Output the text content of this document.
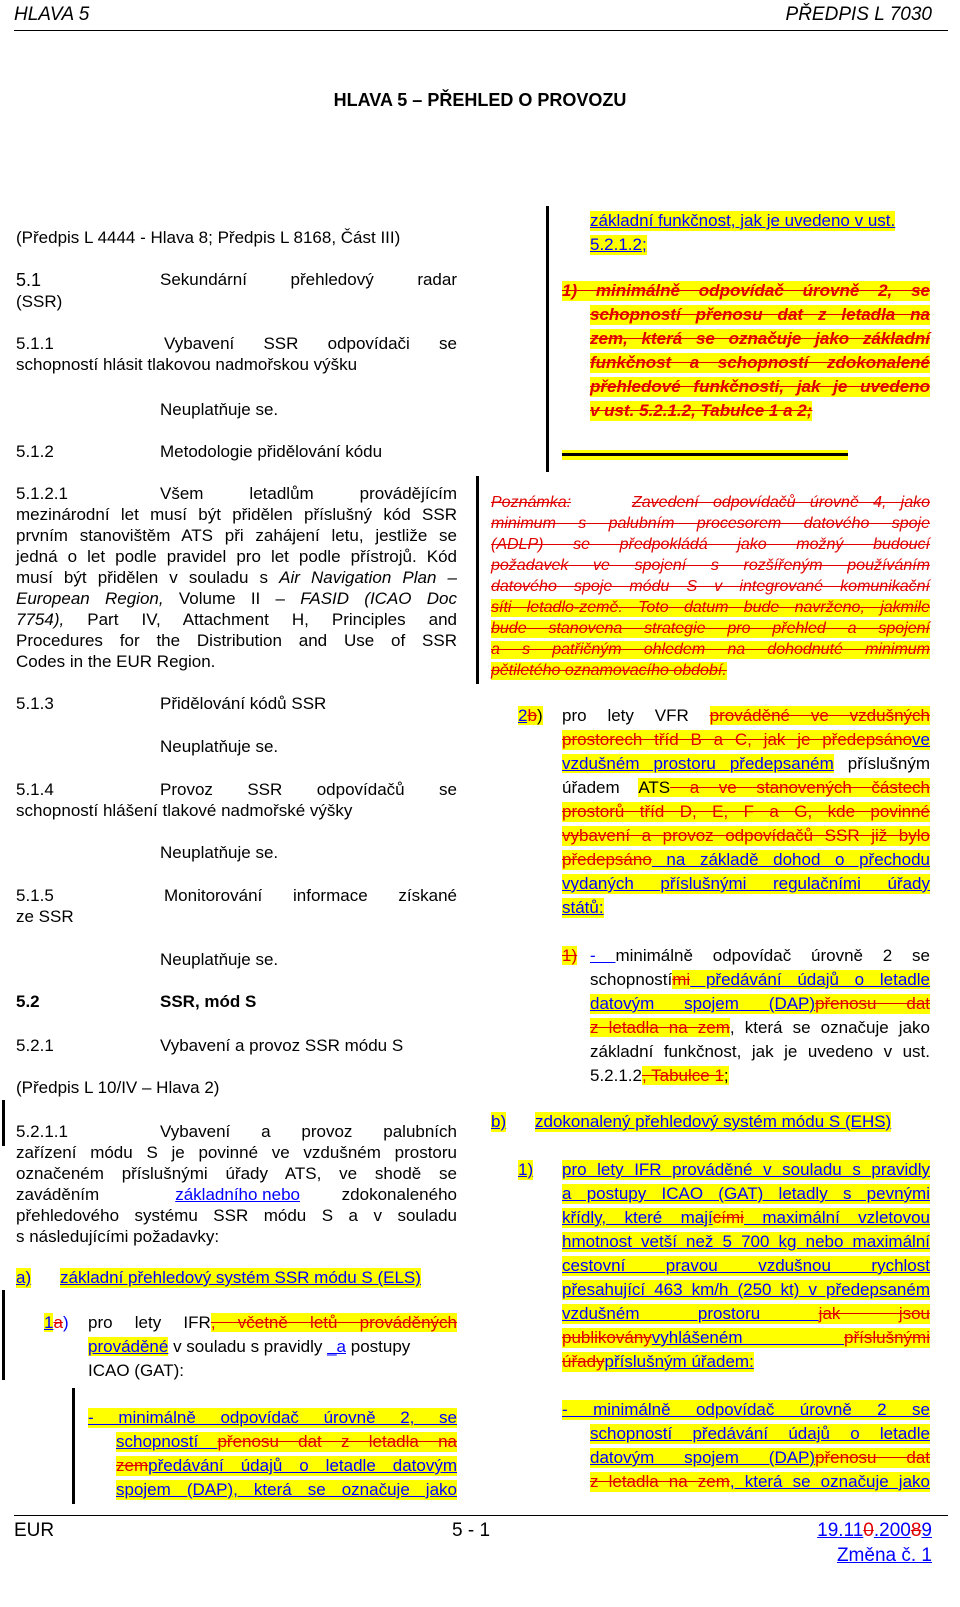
HLAVA 5	PŘEDPIS L 7030
HLAVA 5 – PŘEHLED O PROVOZU
(Předpis L 4444 - Hlava 8; Předpis L 8168, Část III)
5.1	Sekundární přehledový radar
(SSR)
5.1.1	Vybavení SSR odpovídači se
schopností hlásit tlakovou nadmořskou výšku
Neuplatňuje se.
5.1.2	Metodologie přidělování kódu
5.1.2.1	Všem letadlům provádějícím
mezinárodní let musí být přidělen příslušný kód SSR
prvním stanovištěm ATS při zahájení letu, jestliže se
jedná o let podle pravidel pro let podle přístrojů. Kód
musí být přidělen v souladu s Air Navigation Plan –
European Region, Volume II – FASID (ICAO Doc
7754), Part IV, Attachment H, Principles and
Procedures for the Distribution and Use of SSR
Codes in the EUR Region.
5.1.3	Přidělování kódů SSR
Neuplatňuje se.
5.1.4	Provoz SSR odpovídačů se
schopností hlášení tlakové nadmořské výšky
Neuplatňuje se.
5.1.5	Monitorování informace získané
ze SSR
Neuplatňuje se.
5.2	SSR, mód S
5.2.1	Vybavení a provoz SSR módu S
(Předpis L 10/IV – Hlava 2)
5.2.1.1	Vybavení a provoz palubních
zařízení módu S je povinné ve vzdušném prostoru
označeném příslušnými úřady ATS, ve shodě se
zaváděním	základního nebo zdokonaleného
přehledového systému SSR módu S a v souladu
s následujícími požadavky:
a) základní přehledový systém SSR módu S (ELS)
1a) pro lety IFR, včetně letů prováděných
prováděné v souladu s pravidly _a postupy
ICAO (GAT):
- minimálně odpovídač úrovně 2, se
schopností přenosu dat z letadla na
zempředávání údajů o letadle datovým
spojem (DAP), která se označuje jako
základní funkčnost, jak je uvedeno v ust.
5.2.1.2;
1) minimálně odpovídač úrovně 2, se
schopností přenosu dat z letadla na
zem, která se označuje jako základní
funkčnost a schopností zdokonalené
přehledové funkčnosti, jak je uvedeno
v ust. 5.2.1.2, Tabulce 1 a 2;
Poznámka:	Zavedení odpovídačů úrovně 4, jako
minimum s palubním procesorem datového spoje
(ADLP) se předpokládá jako možný budoucí
požadavek ve spojení s rozšířeným používáním
datového spoje módu S v integrované komunikační
síti letadlo-země. Toto datum bude navrženo, jakmile
bude stanovena strategie pro přehled a spojení
a s patřičným ohledem na dohodnuté minimum
pětiletého oznamovacího období.
2b) pro lety VFR prováděné ve vzdušných
prostorech tříd B a C, jak je předepsánove
vzdušném prostoru předepsaném příslušným
úřadem ATS a ve stanovených částech
prostorů tříd D, E, F a G, kde povinné
vybavení a provoz odpovídačů SSR již bylo
předepsáno na základě dohod o přechodu
vydaných příslušnými regulačními úřady
států:
1) - minimálně odpovídač úrovně 2 se
schopnostími předávání údajů o letadle
datovým spojem (DAP)přenosu dat
z letadla na zem, která se označuje jako
základní funkčnost, jak je uvedeno v ust.
5.2.1.2, Tabulce 1;
b) zdokonalený přehledový systém módu S (EHS)
1) pro lety IFR prováděné v souladu s pravidly
a postupy ICAO (GAT) letadly s pevnými
křídly, které majícími maximální vzletovou
hmotnost vetší než 5 700 kg nebo maximální
cestovní pravou vzdušnou rychlost
přesahující 463 km/h (250 kt) v předepsaném
vzdušném prostoru jak jsou
publikoványvyhlášeném příslušnými
úřadypříslušným úřadem:
- minimálně odpovídač úrovně 2 se
schopností předávání údajů o letadle
datovým spojem (DAP)přenosu dat
z letadla na zem, která se označuje jako
EUR	5 - 1	19.110.20089
Změna č. 1
